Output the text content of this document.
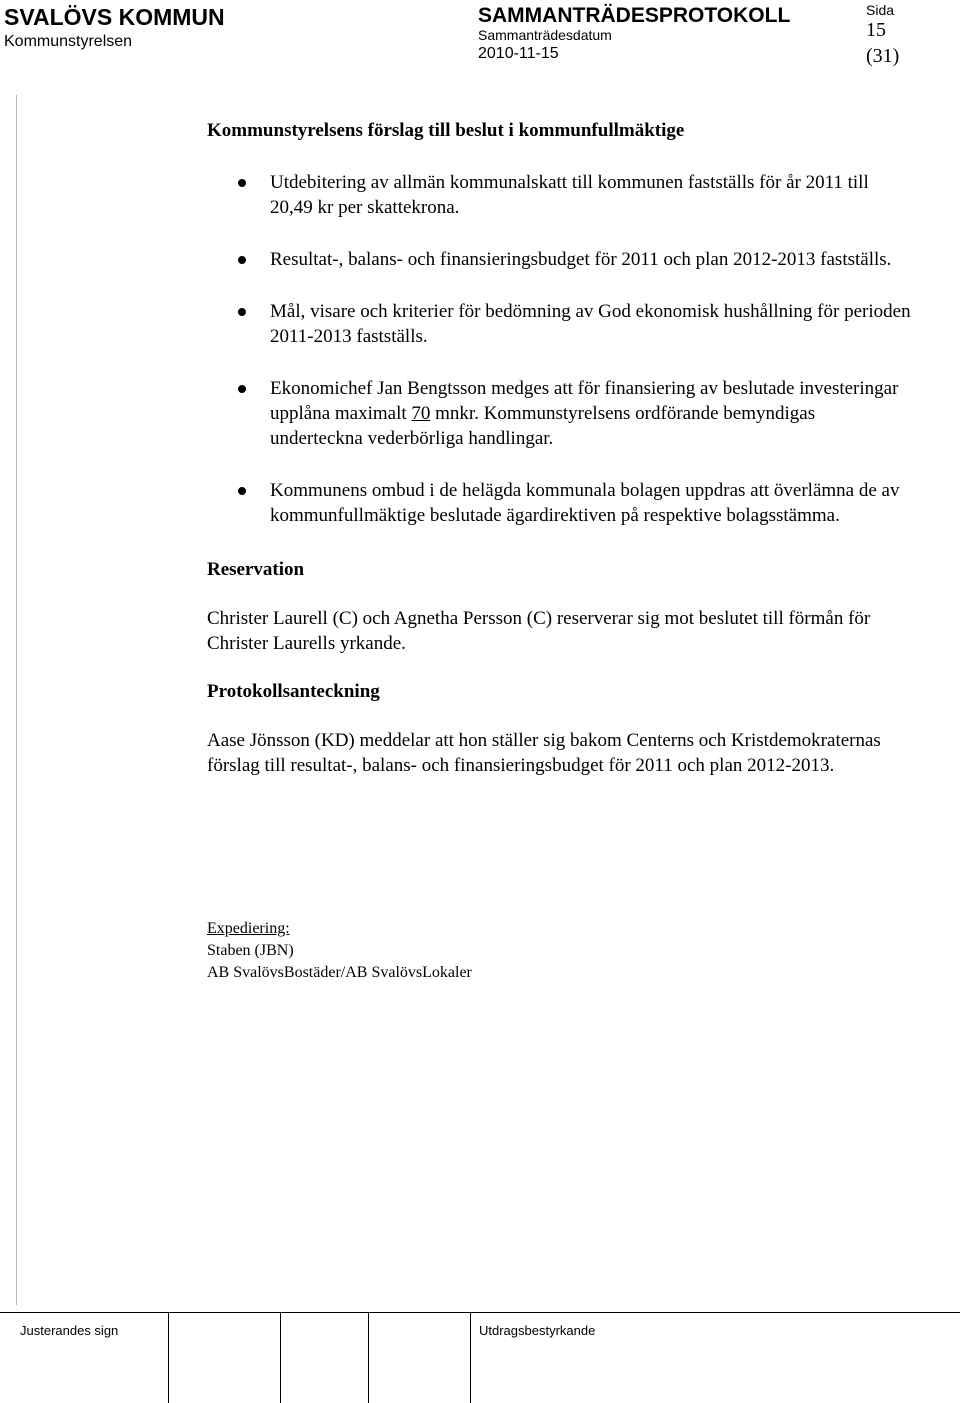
SVALÖVS KOMMUN
Kommunstyrelsen
SAMMANTRÄDESPROTOKOLL
Sammanträdesdatum
2010-11-15
Sida
15
(31)
Kommunstyrelsens förslag till beslut i kommunfullmäktige
Utdebitering av allmän kommunalskatt till kommunen fastställs för år 2011 till 20,49 kr per skattekrona.
Resultat-, balans- och finansieringsbudget för 2011 och plan 2012-2013 fastställs.
Mål, visare och kriterier för bedömning av God ekonomisk hushållning för perioden 2011-2013 fastställs.
Ekonomichef Jan Bengtsson medges att för finansiering av beslutade investeringar upplåna maximalt 70 mnkr. Kommunstyrelsens ordförande bemyndigas underteckna vederbörliga handlingar.
Kommunens ombud i de helägda kommunala bolagen uppdras att överlämna de av kommunfullmäktige beslutade ägardirektiven på respektive bolagsstämma.
Reservation

Christer Laurell (C) och Agnetha Persson (C) reserverar sig mot beslutet till förmån för Christer Laurells yrkande.

Protokollsanteckning

Aase Jönsson (KD) meddelar att hon ställer sig bakom Centerns och Kristdemokraternas förslag till resultat-, balans- och finansieringsbudget för 2011 och plan 2012-2013.

Expediering:
Staben (JBN)
AB SvalövsBostäder/AB SvalövsLokaler
Justerandes sign	Utdragsbestyrkande
